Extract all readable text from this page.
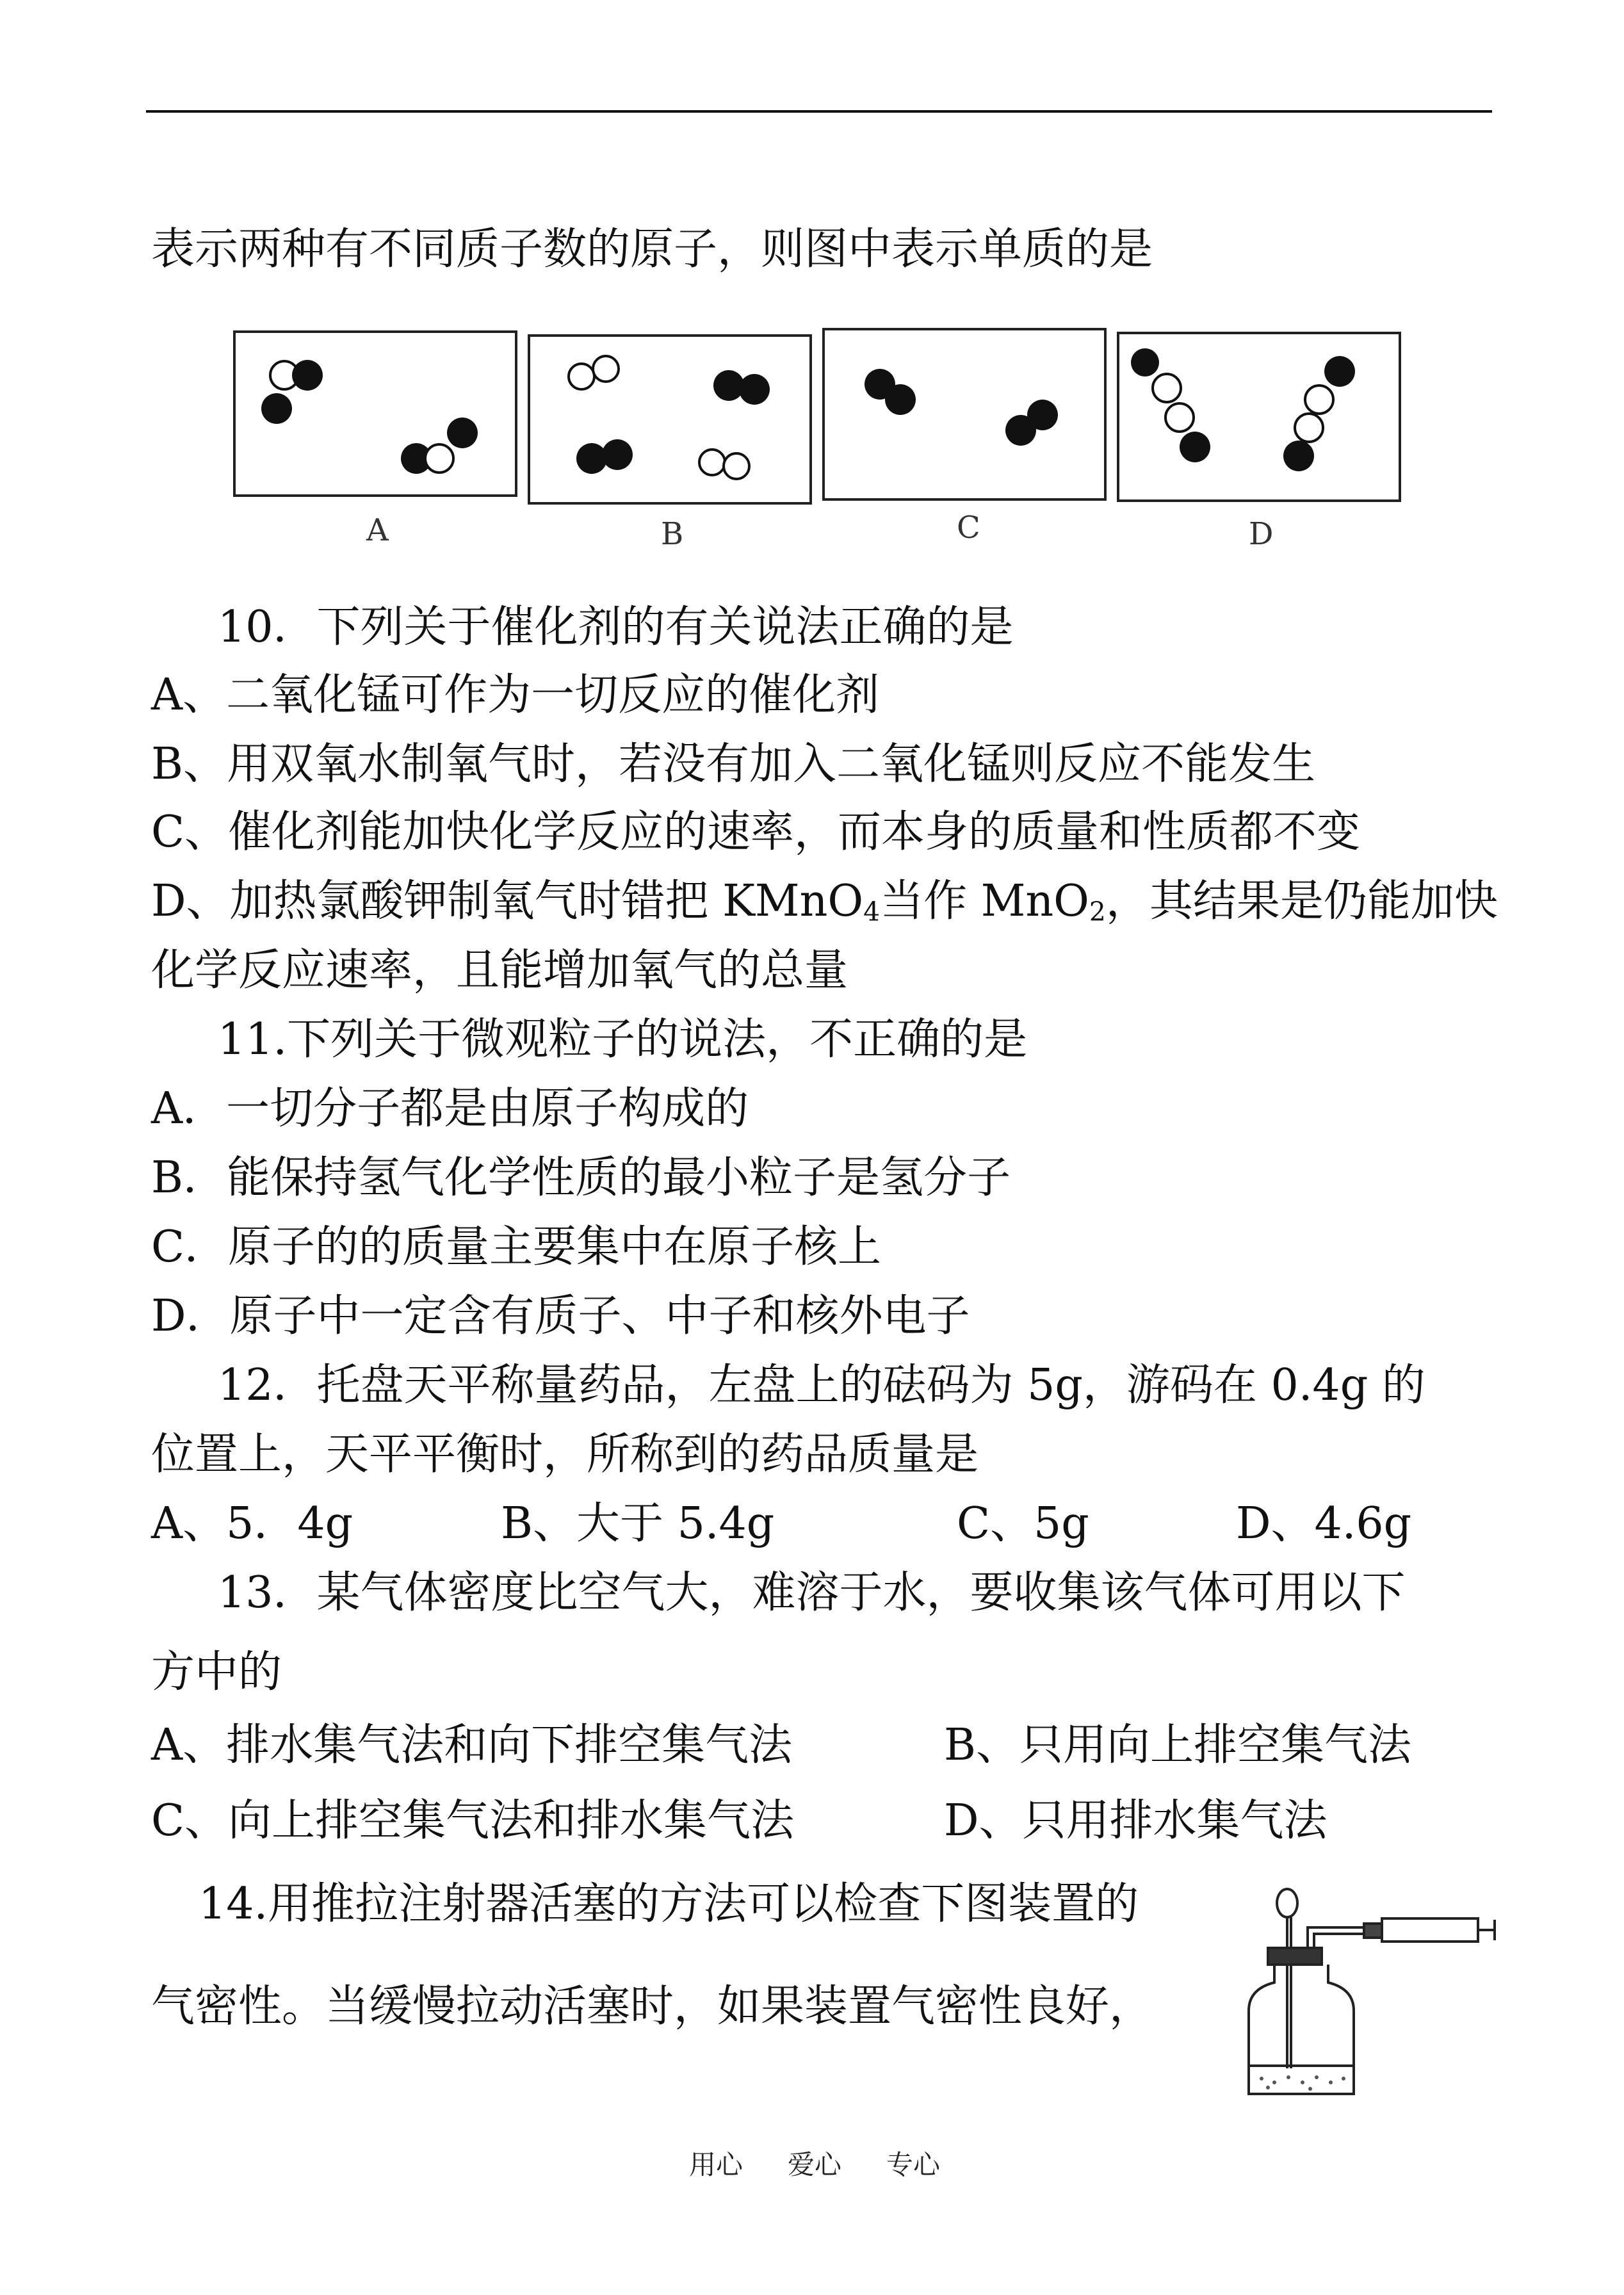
表示两种有不同质子数的原子，则图中表示单质的是
A	B	C	D
10．下列关于催化剂的有关说法正确的是
A、二氧化锰可作为一切反应的催化剂
B、用双氧水制氧气时，若没有加入二氧化锰则反应不能发生
C、催化剂能加快化学反应的速率，而本身的质量和性质都不变
D、加热氯酸钾制氧气时错把 KMnO$_4$当作 MnO$_2$，其结果是仍能加快
化学反应速率，且能增加氧气的总量
11.下列关于微观粒子的说法，不正确的是
A．一切分子都是由原子构成的
B．能保持氢气化学性质的最小粒子是氢分子
C．原子的的质量主要集中在原子核上
D．原子中一定含有质子、中子和核外电子
12．托盘天平称量药品，左盘上的砝码为 5g，游码在 0.4g 的
位置上，天平平衡时，所称到的药品质量是
A、5．4g	B、大于 5.4g	C、5g	D、4.6g
13．某气体密度比空气大，难溶于水，要收集该气体可用以下
方中的
A、排水集气法和向下排空集气法	B、只用向上排空集气法
C、向上排空集气法和排水集气法	D、只用排水集气法
14.用推拉注射器活塞的方法可以检查下图装置的
气密性。当缓慢拉动活塞时，如果装置气密性良好，
用心 爱心 专心
